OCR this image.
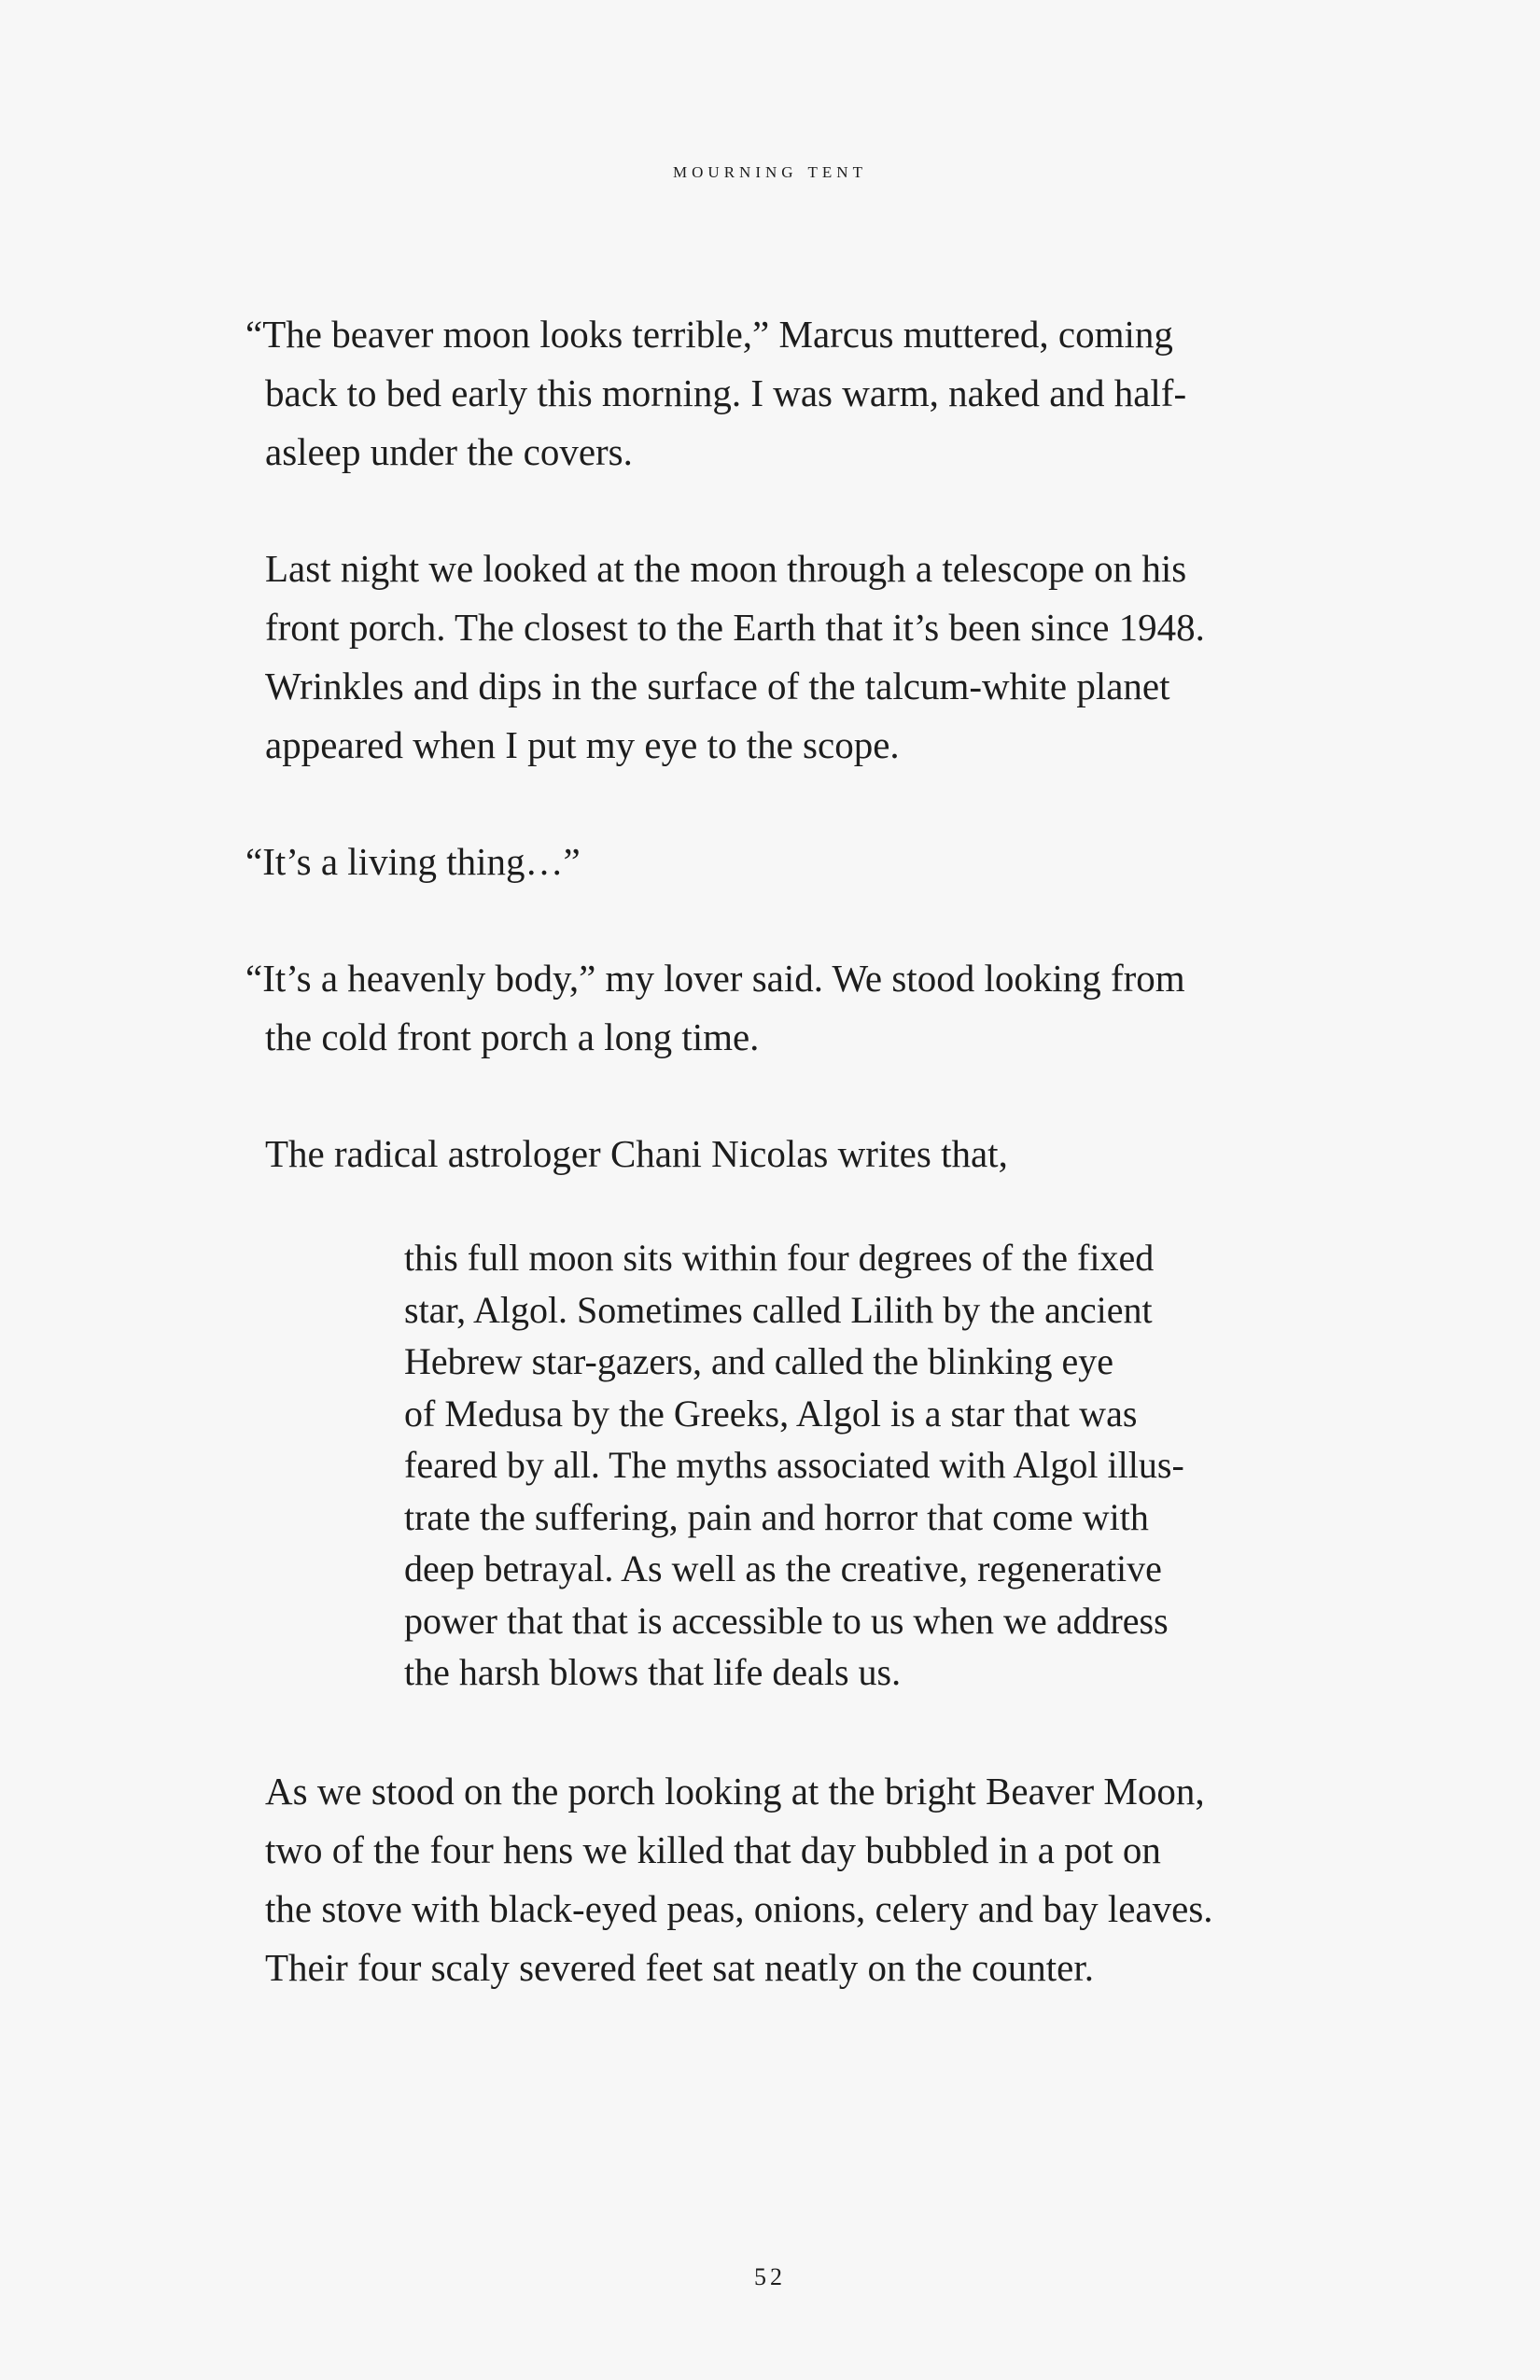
mourning tent

“The beaver moon looks terrible,” Marcus muttered, coming
back to bed early this morning. I was warm, naked and half-
asleep under the covers.

Last night we looked at the moon through a telescope on his
front porch. The closest to the Earth that it’s been since 1948.
Wrinkles and dips in the surface of the talcum-white planet
appeared when I put my eye to the scope.

“It’s a living thing…”

“It’s a heavenly body,” my lover said. We stood looking from
the cold front porch a long time.

The radical astrologer Chani Nicolas writes that,

this full moon sits within four degrees of the fixed
star, Algol. Sometimes called Lilith by the ancient
Hebrew star-gazers, and called the blinking eye
of Medusa by the Greeks, Algol is a star that was
feared by all. The myths associated with Algol illus-
trate the suffering, pain and horror that come with
deep betrayal. As well as the creative, regenerative
power that that is accessible to us when we address
the harsh blows that life deals us.

As we stood on the porch looking at the bright Beaver Moon,
two of the four hens we killed that day bubbled in a pot on
the stove with black-eyed peas, onions, celery and bay leaves.
Their four scaly severed feet sat neatly on the counter.

52
